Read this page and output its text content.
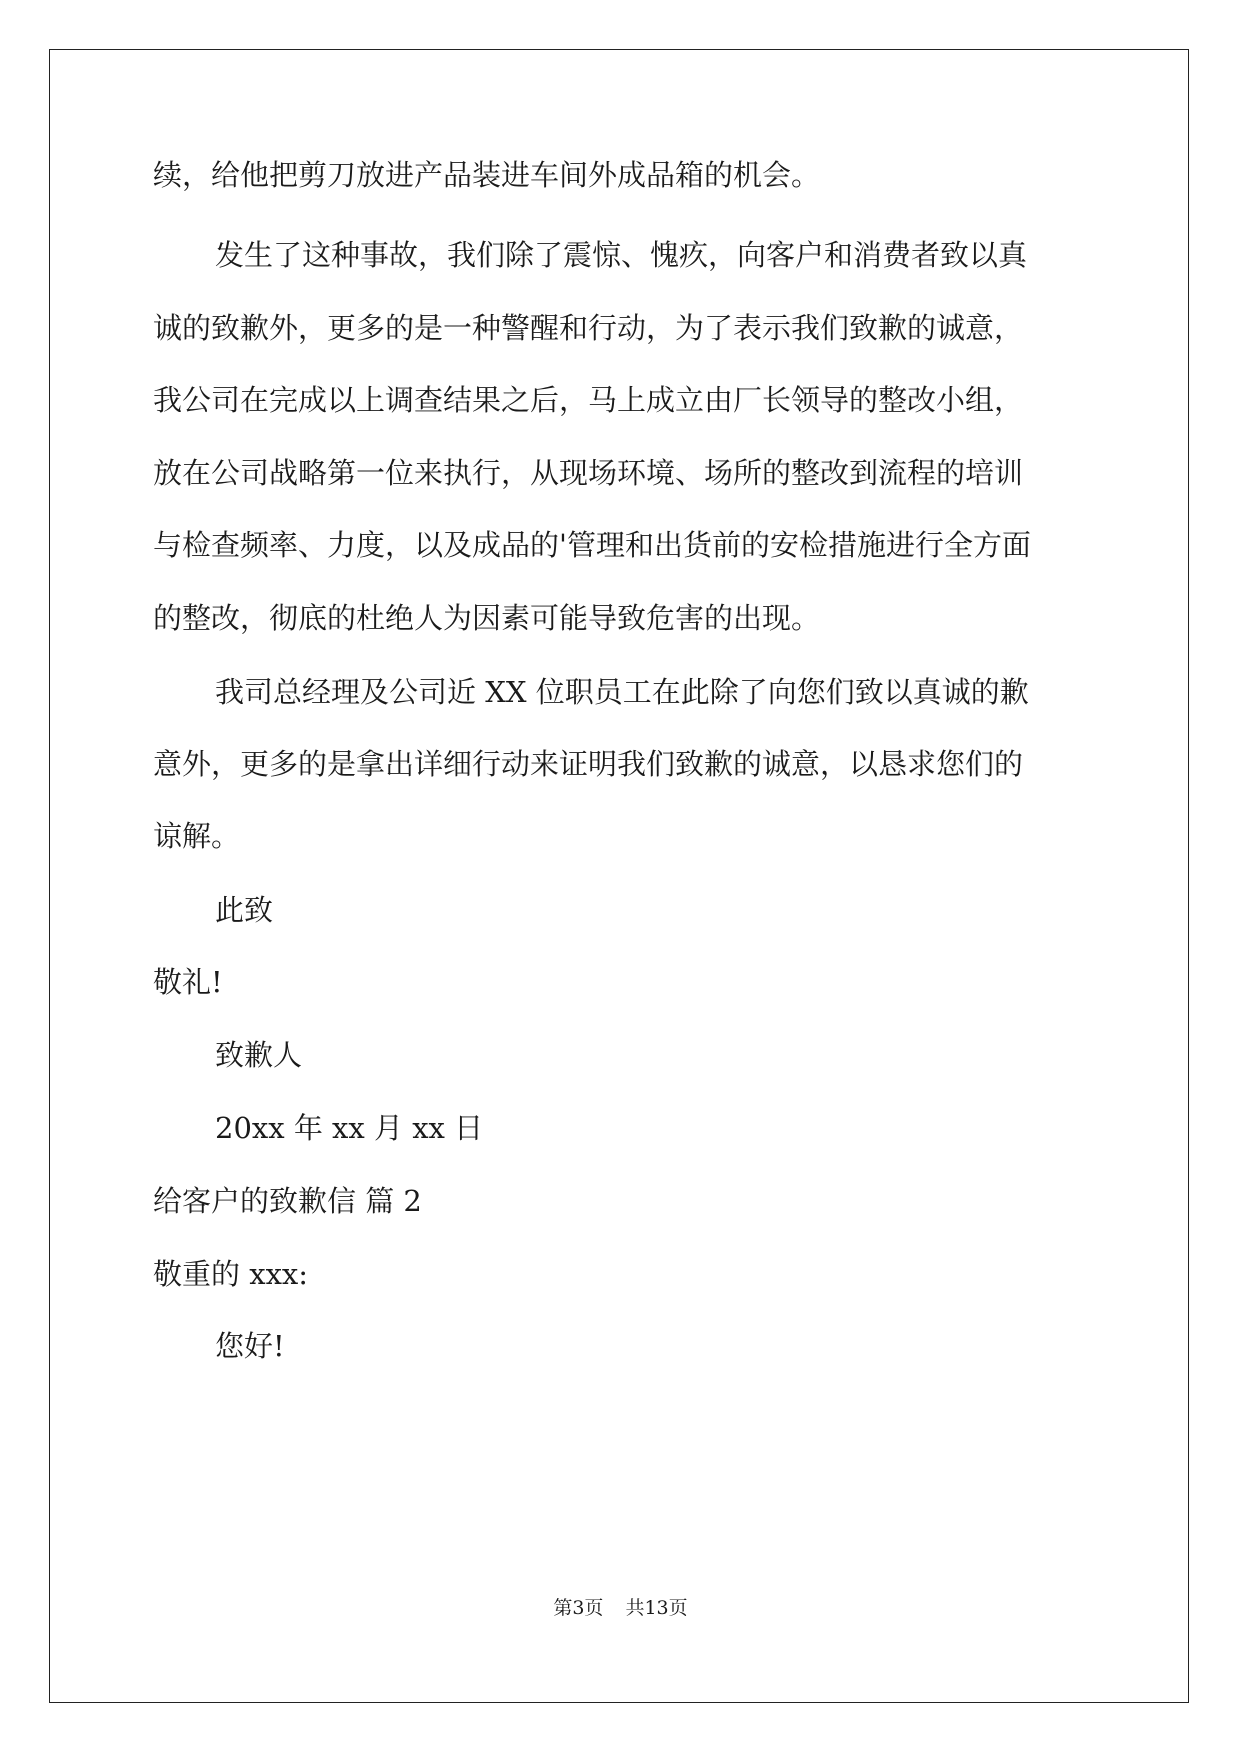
续，给他把剪刀放进产品装进车间外成品箱的机会。
发生了这种事故，我们除了震惊、愧疚，向客户和消费者致以真
诚的致歉外，更多的是一种警醒和行动，为了表示我们致歉的诚意，
我公司在完成以上调查结果之后，马上成立由厂长领导的整改小组，
放在公司战略第一位来执行，从现场环境、场所的整改到流程的培训
与检查频率、力度，以及成品的'管理和出货前的安检措施进行全方面
的整改，彻底的杜绝人为因素可能导致危害的出现。
我司总经理及公司近 XX 位职员工在此除了向您们致以真诚的歉
意外，更多的是拿出详细行动来证明我们致歉的诚意，以恳求您们的
谅解。
此致
敬礼!
致歉人
20xx 年 xx 月 xx 日
给客户的致歉信 篇 2
敬重的 xxx:
您好!
第3页 共13页
